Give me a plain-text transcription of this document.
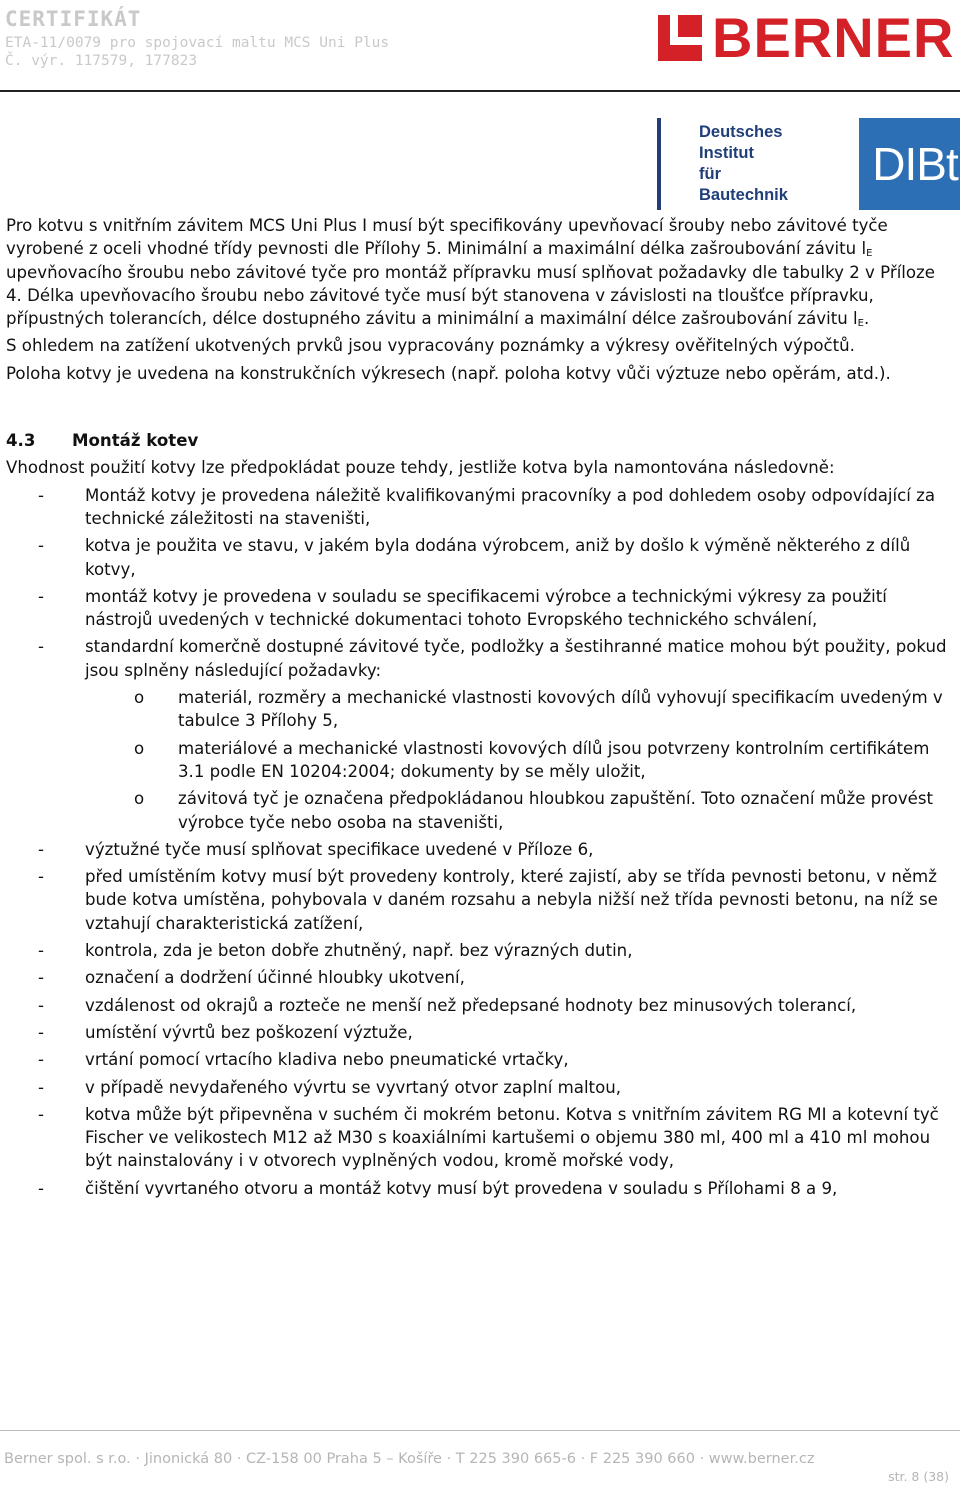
CERTIFIKÁT
ETA-11/0079 pro spojovací maltu MCS Uni Plus
Č. výr. 117579, 177823	BERNER
Deutsches
Institut
für
Bautechnik
DIBt

Pro kotvu s vnitřním závitem MCS Uni Plus I musí být specifikovány upevňovací šrouby nebo závitové tyče vyrobené z oceli vhodné třídy pevnosti dle Přílohy 5. Minimální a maximální délka zašroubování závitu $l_E$ upevňovacího šroubu nebo závitové tyče pro montáž přípravku musí splňovat požadavky dle tabulky 2 v Příloze 4. Délka upevňovacího šroubu nebo závitové tyče musí být stanovena v závislosti na tloušťce přípravku, přípustných tolerancích, délce dostupného závitu a minimální a maximální délce zašroubování závitu $l_E$.

S ohledem na zatížení ukotvených prvků jsou vypracovány poznámky a výkresy ověřitelných výpočtů.

Poloha kotvy je uvedena na konstrukčních výkresech (např. poloha kotvy vůči výztuze nebo opěrám, atd.).

4.3 Montáž kotev

Vhodnost použití kotvy lze předpokládat pouze tehdy, jestliže kotva byla namontována následovně:

- Montáž kotvy je provedena náležitě kvalifikovanými pracovníky a pod dohledem osoby odpovídající za technické záležitosti na staveništi,
- kotva je použita ve stavu, v jakém byla dodána výrobcem, aniž by došlo k výměně některého z dílů kotvy,
- montáž kotvy je provedena v souladu se specifikacemi výrobce a technickými výkresy za použití nástrojů uvedených v technické dokumentaci tohoto Evropského technického schválení,
- standardní komerčně dostupné závitové tyče, podložky a šestihranné matice mohou být použity, pokud jsou splněny následující požadavky:
o materiál, rozměry a mechanické vlastnosti kovových dílů vyhovují specifikacím uvedeným v tabulce 3 Přílohy 5,
o materiálové a mechanické vlastnosti kovových dílů jsou potvrzeny kontrolním certifikátem 3.1 podle EN 10204:2004; dokumenty by se měly uložit,
o závitová tyč je označena předpokládanou hloubkou zapuštění. Toto označení může provést výrobce tyče nebo osoba na staveništi,
- výztužné tyče musí splňovat specifikace uvedené v Příloze 6,
- před umístěním kotvy musí být provedeny kontroly, které zajistí, aby se třída pevnosti betonu, v němž bude kotva umístěna, pohybovala v daném rozsahu a nebyla nižší než třída pevnosti betonu, na níž se vztahují charakteristická zatížení,
- kontrola, zda je beton dobře zhutněný, např. bez výrazných dutin,
- označení a dodržení účinné hloubky ukotvení,
- vzdálenost od okrajů a rozteče ne menší než předepsané hodnoty bez minusových tolerancí,
- umístění vývrtů bez poškození výztuže,
- vrtání pomocí vrtacího kladiva nebo pneumatické vrtačky,
- v případě nevydařeného vývrtu se vyvrtaný otvor zaplní maltou,
- kotva může být připevněna v suchém či mokrém betonu. Kotva s vnitřním závitem RG MI a kotevní tyč Fischer ve velikostech M12 až M30 s koaxiálními kartušemi o objemu 380 ml, 400 ml a 410 ml mohou být nainstalovány i v otvorech vyplněných vodou, kromě mořské vody,
- čištění vyvrtaného otvoru a montáž kotvy musí být provedena v souladu s Přílohami 8 a 9,
Berner spol. s r.o. · Jinonická 80 · CZ-158 00 Praha 5 – Košíře · T 225 390 665-6 · F 225 390 660 · www.berner.cz
str. 8 (38)
